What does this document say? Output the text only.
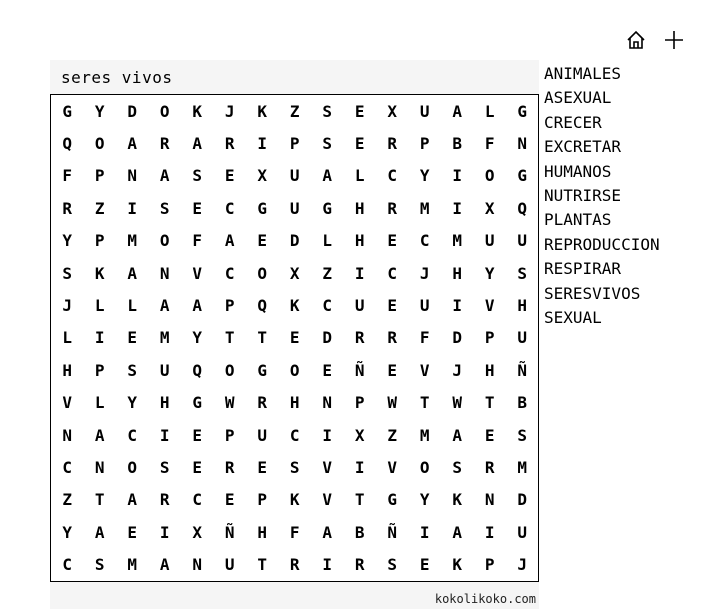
seres vivos
G	Y	D	O	K	J	K	Z	S	E	X	U	A	L	G
Q	O	A	R	A	R	I	P	S	E	R	P	B	F	N
F	P	N	A	S	E	X	U	A	L	C	Y	I	O	G
R	Z	I	S	E	C	G	U	G	H	R	M	I	X	Q
Y	P	M	O	F	A	E	D	L	H	E	C	M	U	U
S	K	A	N	V	C	O	X	Z	I	C	J	H	Y	S
J	L	L	A	A	P	Q	K	C	U	E	U	I	V	H
L	I	E	M	Y	T	T	E	D	R	R	F	D	P	U
H	P	S	U	Q	O	G	O	E	Ñ	E	V	J	H	Ñ
V	L	Y	H	G	W	R	H	N	P	W	T	W	T	B
N	A	C	I	E	P	U	C	I	X	Z	M	A	E	S
C	N	O	S	E	R	E	S	V	I	V	O	S	R	M
Z	T	A	R	C	E	P	K	V	T	G	Y	K	N	D
Y	A	E	I	X	Ñ	H	F	A	B	Ñ	I	A	I	U
C	S	M	A	N	U	T	R	I	R	S	E	K	P	J
kokolikoko.com
ANIMALES
ASEXUAL
CRECER
EXCRETAR
HUMANOS
NUTRIRSE
PLANTAS
REPRODUCCION
RESPIRAR
SERESVIVOS
SEXUAL
